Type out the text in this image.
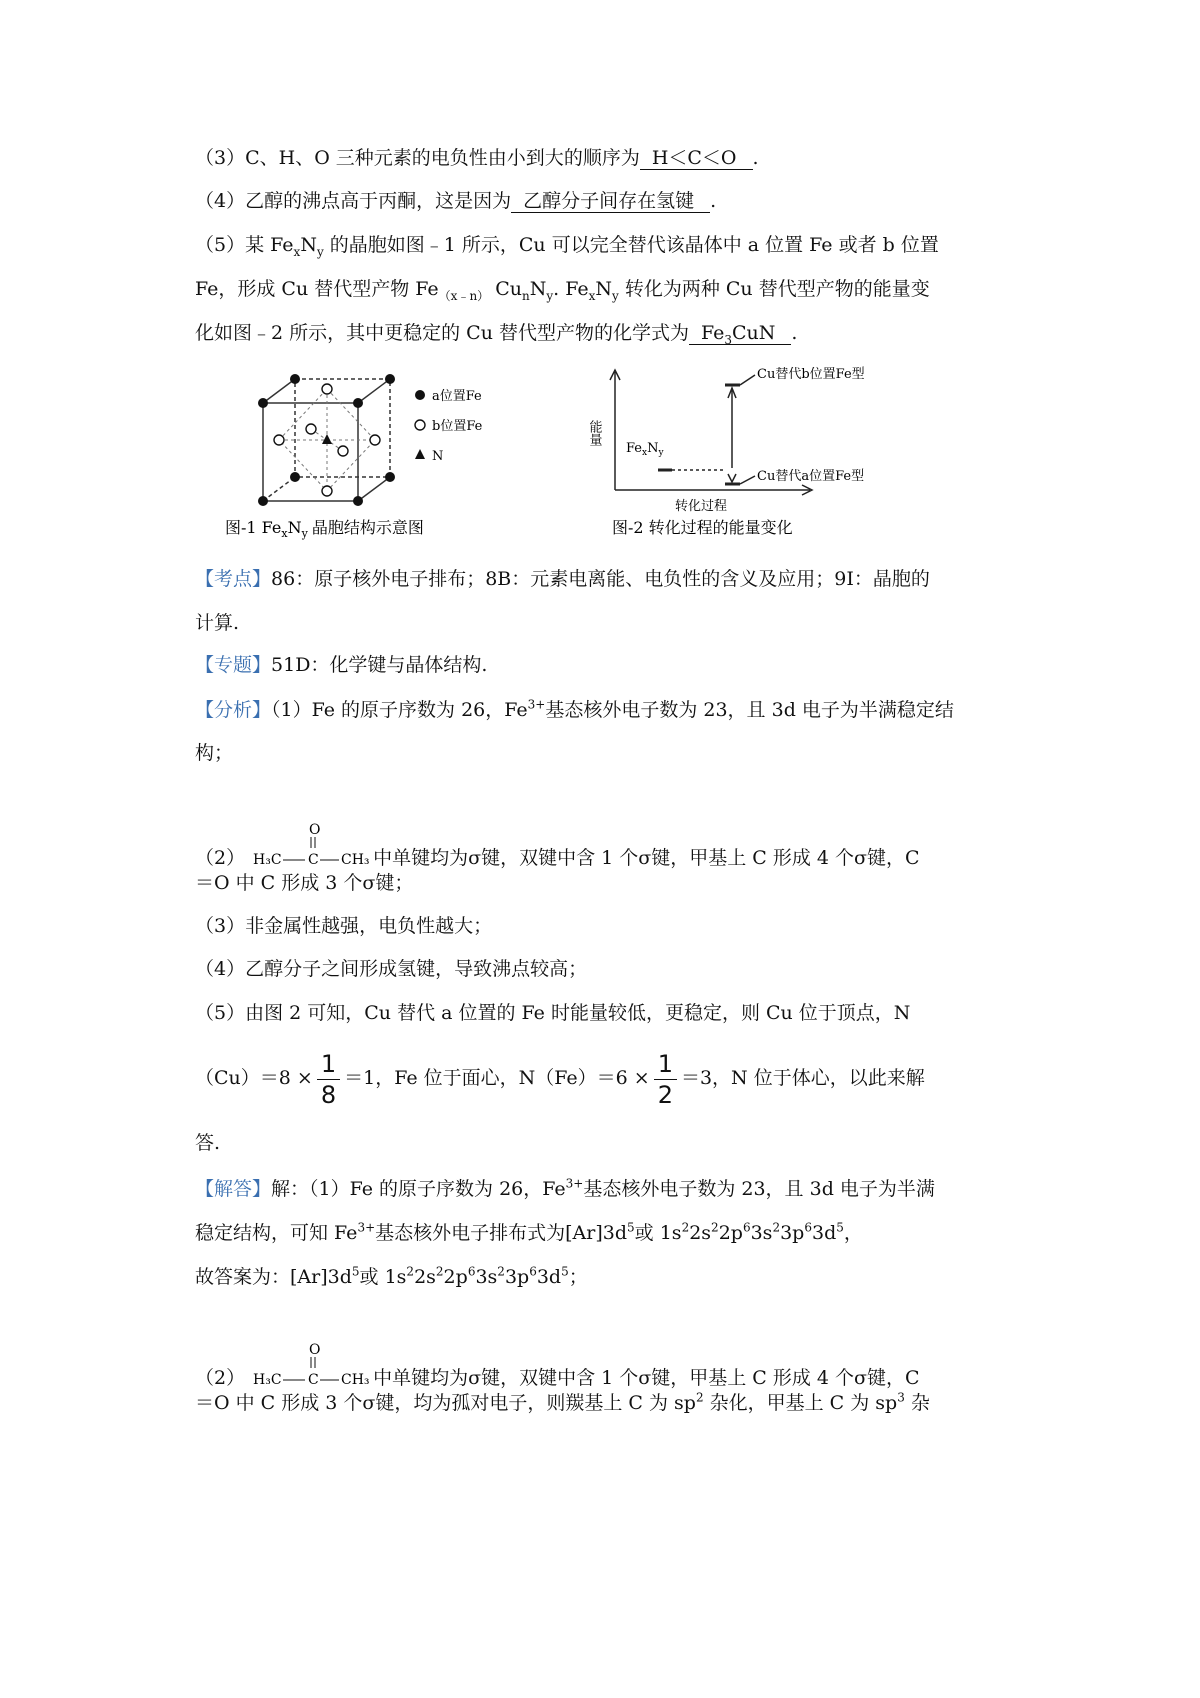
（3）C、H、O 三种元素的电负性由小到大的顺序为 H＜C＜O .
（4）乙醇的沸点高于丙酮，这是因为 乙醇分子间存在氢键 .
（5）某 $Fe_xN_y$ 的晶胞如图﹣1 所示，Cu 可以完全替代该晶体中 a 位置 Fe 或者 b 位置
Fe，形成 Cu 替代型产物 $Fe_{(x﹣n)}$ $Cu_nN_y$. $Fe_xN_y$ 转化为两种 Cu 替代型产物的能量变
化如图﹣2 所示，其中更稳定的 Cu 替代型产物的化学式为 $Fe_3CuN$ .
a位置Fe
b位置Fe
N
图-1 $Fe_xN_y$ 晶胞结构示意图
能量
$Fe_xN_y$
Cu替代b位置Fe型
Cu替代a位置Fe型
转化过程
图-2 转化过程的能量变化
【考点】86：原子核外电子排布；8B：元素电离能、电负性的含义及应用；9I：晶胞的
计算.
【专题】51D：化学键与晶体结构.
【分析】（1）Fe 的原子序数为 26，$Fe^{3+}$基态核外电子数为 23，且 3d 电子为半满稳定结
构；
（2）
O
H₃C C CH₃ 中单键均为σ键，双键中含 1 个σ键，甲基上 C 形成 4 个σ键，C
＝O 中 C 形成 3 个σ键；
（3）非金属性越强，电负性越大；
（4）乙醇分子之间形成氢键，导致沸点较高；
（5）由图 2 可知，Cu 替代 a 位置的 Fe 时能量较低，更稳定，则 Cu 位于顶点，N
$(Cu)=8 \times \frac{1}{8} =1$，Fe 位于面心，$N(Fe)=6 \times \frac{1}{2} =3$，N 位于体心，以此来解
答.
【解答】解：（1）Fe 的原子序数为 26，$Fe^{3+}$基态核外电子数为 23，且 3d 电子为半满
稳定结构，可知 $Fe^{3+}$基态核外电子排布式为$[Ar]3d^5$或 $1s^22s^22p^63s^23p^63d^5$，
故答案为：$[Ar]3d^5$或 $1s^22s^22p^63s^23p^63d^5$；
（2）
O
H₃C C CH₃ 中单键均为σ键，双键中含 1 个σ键，甲基上 C 形成 4 个σ键，C
＝O 中 C 形成 3 个σ键，均为孤对电子，则羰基上 C 为 $sp^2$ 杂化，甲基上 C 为 $sp^3$ 杂
